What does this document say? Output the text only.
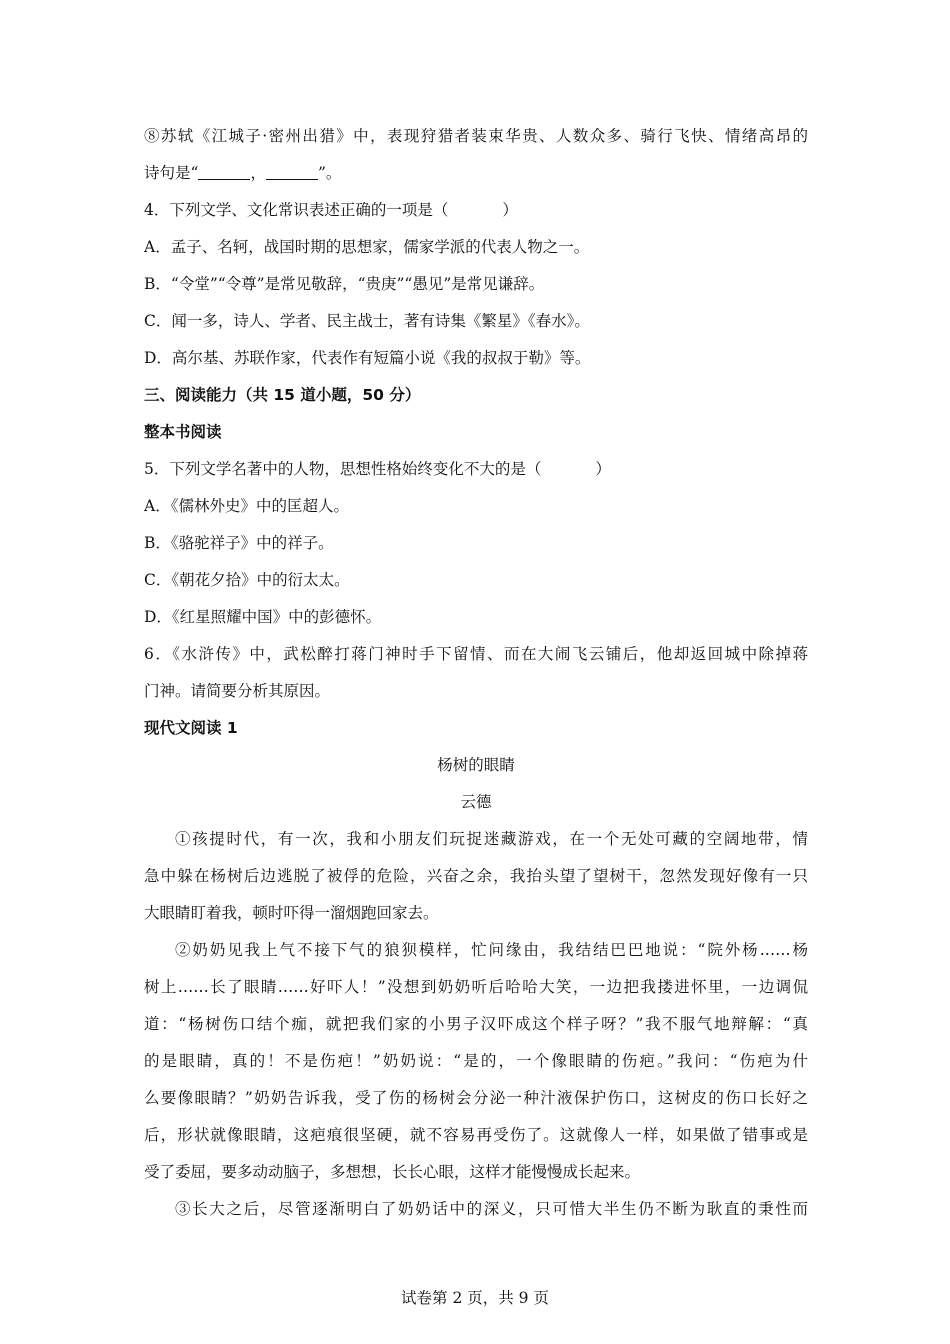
⑧苏轼《江城子·密州出猎》中，表现狩猎者装束华贵、人数众多、骑行飞快、情绪高昂的
诗句是“	，	”。
4．下列文学、文化常识表述正确的一项是（	）
A．孟子、名轲，战国时期的思想家，儒家学派的代表人物之一。
B．“令堂”“令尊”是常见敬辞，“贵庚”“愚见”是常见谦辞。
C．闻一多，诗人、学者、民主战士，著有诗集《繁星》《春水》。
D．高尔基、苏联作家，代表作有短篇小说《我的叔叔于勒》等。
三、阅读能力（共 15 道小题，50 分）
整本书阅读
5．下列文学名著中的人物，思想性格始终变化不大的是（	）
A．《儒林外史》中的匡超人。
B．《骆驼祥子》中的祥子。
C．《朝花夕拾》中的衍太太。
D．《红星照耀中国》中的彭德怀。
6．《水浒传》中，武松醉打蒋门神时手下留情、而在大闹飞云铺后，他却返回城中除掉蒋
门神。请简要分析其原因。
现代文阅读 1
杨树的眼睛
云德
①孩提时代，有一次，我和小朋友们玩捉迷藏游戏，在一个无处可藏的空阔地带，情
急中躲在杨树后边逃脱了被俘的危险，兴奋之余，我抬头望了望树干，忽然发现好像有一只
大眼睛盯着我，顿时吓得一溜烟跑回家去。
②奶奶见我上气不接下气的狼狈模样，忙问缘由，我结结巴巴地说：“院外杨……杨
树上……长了眼睛……好吓人！”没想到奶奶听后哈哈大笑，一边把我搂进怀里，一边调侃
道：“杨树伤口结个痂，就把我们家的小男子汉吓成这个样子呀？”我不服气地辩解：“真
的是眼睛，真的！不是伤疤！”奶奶说：“是的，一个像眼睛的伤疤。”我问：“伤疤为什
么要像眼睛？”奶奶告诉我，受了伤的杨树会分泌一种汁液保护伤口，这树皮的伤口长好之
后，形状就像眼睛，这疤痕很坚硬，就不容易再受伤了。这就像人一样，如果做了错事或是
受了委屈，要多动动脑子，多想想，长长心眼，这样才能慢慢成长起来。
③长大之后，尽管逐渐明白了奶奶话中的深义，只可惜大半生仍不断为耿直的秉性而
试卷第 2 页，共 9 页
